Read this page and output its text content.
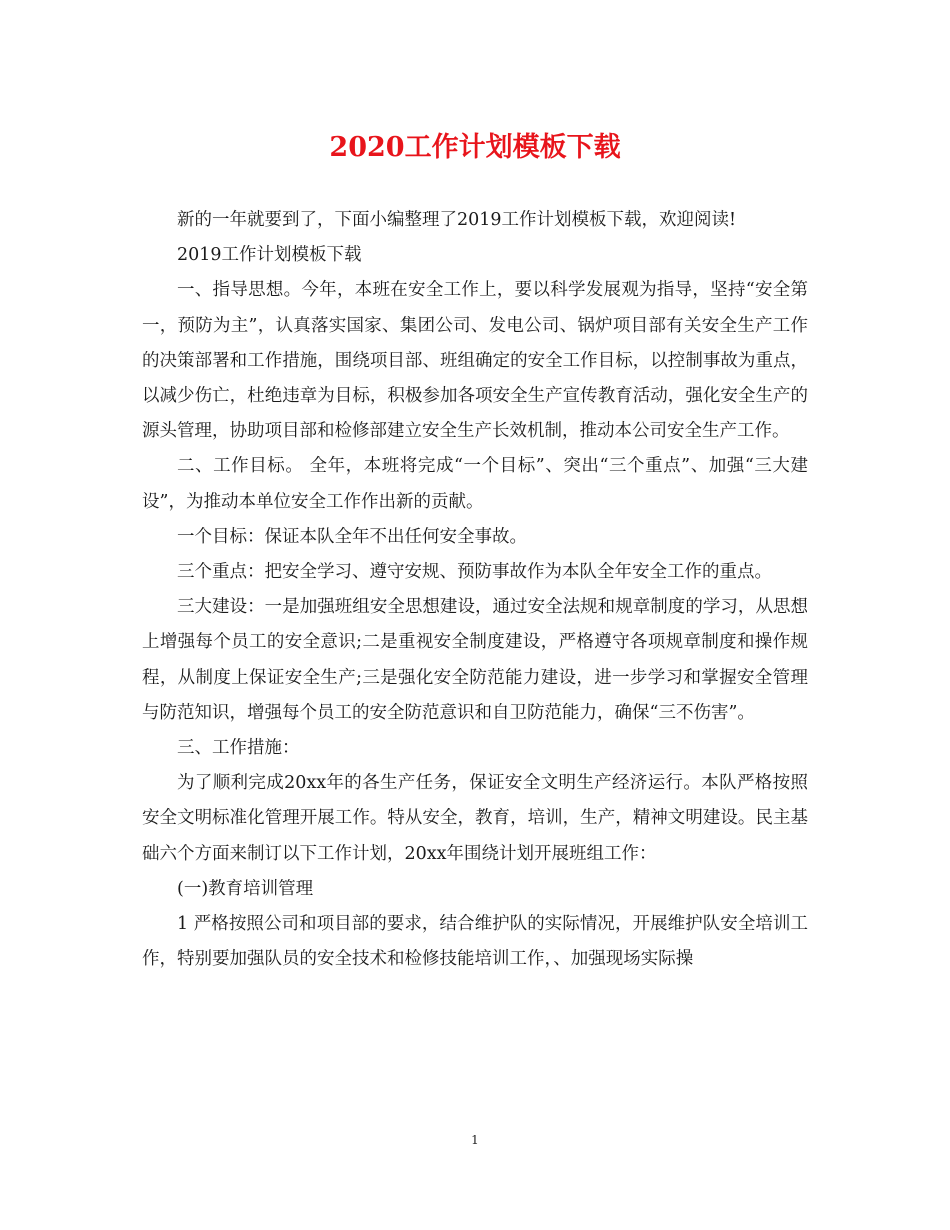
2020工作计划模板下载

新的一年就要到了，下面小编整理了2019工作计划模板下载，欢迎阅读!

2019工作计划模板下载

一、指导思想。今年，本班在安全工作上，要以科学发展观为指导，坚持“安全第一，预防为主”，认真落实国家、集团公司、发电公司、锅炉项目部有关安全生产工作的决策部署和工作措施，围绕项目部、班组确定的安全工作目标，以控制事故为重点，以减少伤亡，杜绝违章为目标，积极参加各项安全生产宣传教育活动，强化安全生产的源头管理，协助项目部和检修部建立安全生产长效机制，推动本公司安全生产工作。

二、工作目标。 全年，本班将完成“一个目标”、突出“三个重点”、加强“三大建设”，为推动本单位安全工作作出新的贡献。

一个目标：保证本队全年不出任何安全事故。

三个重点：把安全学习、遵守安规、预防事故作为本队全年安全工作的重点。

三大建设：一是加强班组安全思想建设，通过安全法规和规章制度的学习，从思想上增强每个员工的安全意识;二是重视安全制度建设，严格遵守各项规章制度和操作规程，从制度上保证安全生产;三是强化安全防范能力建设，进一步学习和掌握安全管理与防范知识，增强每个员工的安全防范意识和自卫防范能力，确保“三不伤害”。

三、工作措施：

为了顺利完成20xx年的各生产任务，保证安全文明生产经济运行。本队严格按照安全文明标准化管理开展工作。特从安全，教育，培训，生产，精神文明建设。民主基础六个方面来制订以下工作计划，20xx年围绕计划开展班组工作：

(一)教育培训管理

1 严格按照公司和项目部的要求，结合维护队的实际情况，开展维护队安全培训工作，特别要加强队员的安全技术和检修技能培训工作，、加强现场实际操

1
